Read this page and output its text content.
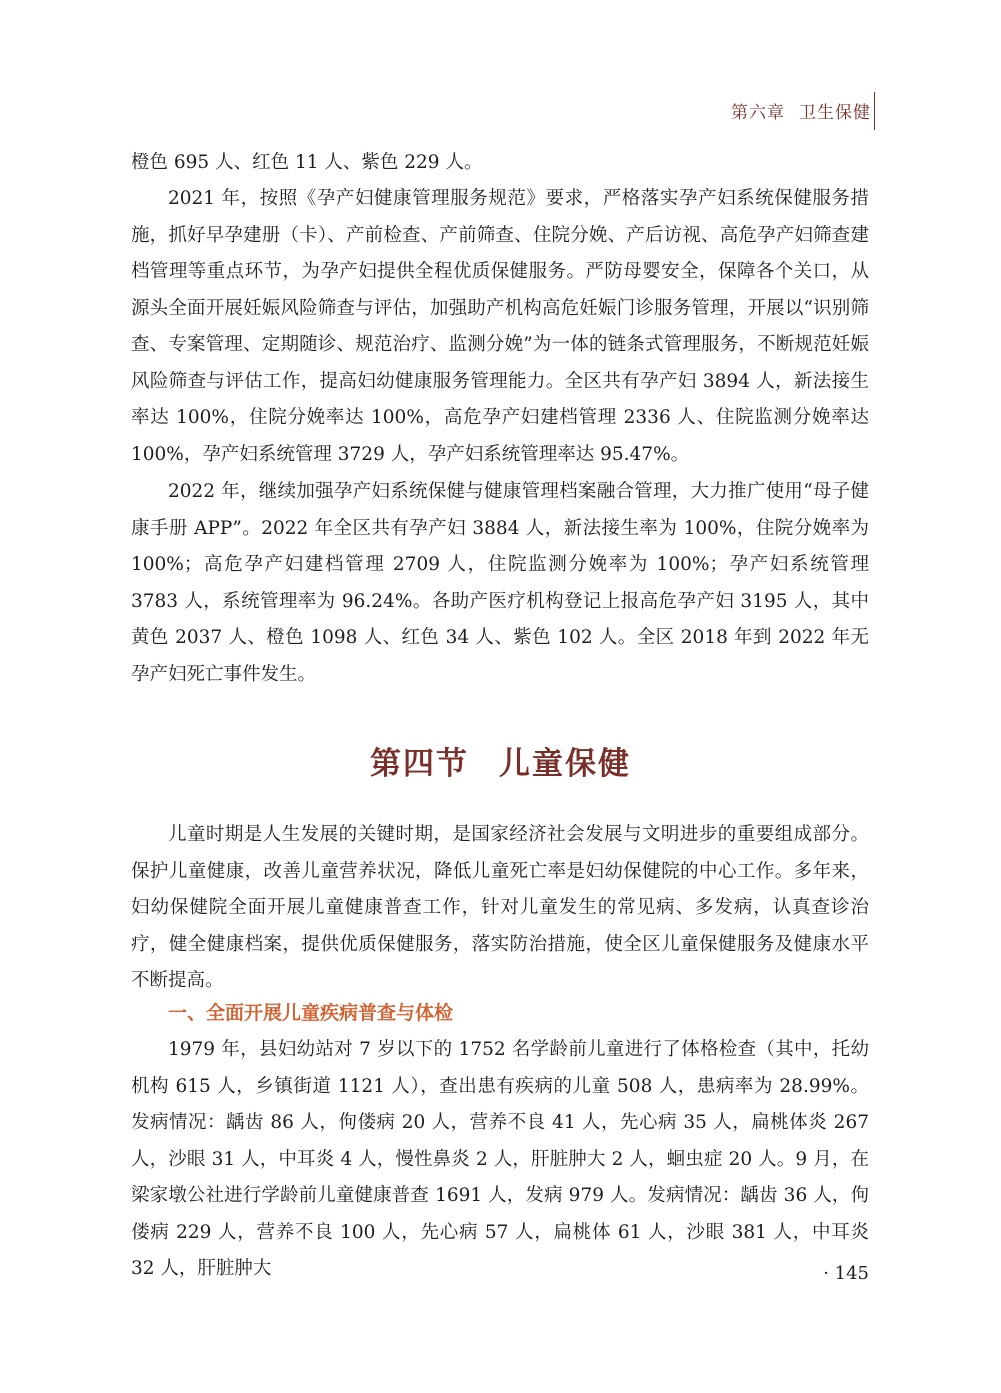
第六章 卫生保健

橙色 695 人、红色 11 人、紫色 229 人。

2021 年，按照《孕产妇健康管理服务规范》要求，严格落实孕产妇系统保健服务措施，抓好早孕建册（卡）、产前检查、产前筛查、住院分娩、产后访视、高危孕产妇筛查建档管理等重点环节，为孕产妇提供全程优质保健服务。严防母婴安全，保障各个关口，从源头全面开展妊娠风险筛查与评估，加强助产机构高危妊娠门诊服务管理，开展以“识别筛查、专案管理、定期随诊、规范治疗、监测分娩”为一体的链条式管理服务，不断规范妊娠风险筛查与评估工作，提高妇幼健康服务管理能力。全区共有孕产妇 3894 人，新法接生率达 100%，住院分娩率达 100%，高危孕产妇建档管理 2336 人、住院监测分娩率达 100%，孕产妇系统管理 3729 人，孕产妇系统管理率达 95.47%。

2022 年，继续加强孕产妇系统保健与健康管理档案融合管理，大力推广使用“母子健康手册 APP”。2022 年全区共有孕产妇 3884 人，新法接生率为 100%，住院分娩率为 100%；高危孕产妇建档管理 2709 人，住院监测分娩率为 100%；孕产妇系统管理 3783 人，系统管理率为 96.24%。各助产医疗机构登记上报高危孕产妇 3195 人，其中黄色 2037 人、橙色 1098 人、红色 34 人、紫色 102 人。全区 2018 年到 2022 年无孕产妇死亡事件发生。

第四节 儿童保健

儿童时期是人生发展的关键时期，是国家经济社会发展与文明进步的重要组成部分。保护儿童健康，改善儿童营养状况，降低儿童死亡率是妇幼保健院的中心工作。多年来，妇幼保健院全面开展儿童健康普查工作，针对儿童发生的常见病、多发病，认真查诊治疗，健全健康档案，提供优质保健服务，落实防治措施，使全区儿童保健服务及健康水平不断提高。

一、全面开展儿童疾病普查与体检

1979 年，县妇幼站对 7 岁以下的 1752 名学龄前儿童进行了体格检查（其中，托幼机构 615 人，乡镇街道 1121 人），查出患有疾病的儿童 508 人，患病率为 28.99%。发病情况：龋齿 86 人，佝偻病 20 人，营养不良 41 人，先心病 35 人，扁桃体炎 267 人，沙眼 31 人，中耳炎 4 人，慢性鼻炎 2 人，肝脏肿大 2 人，蛔虫症 20 人。9 月，在梁家墩公社进行学龄前儿童健康普查 1691 人，发病 979 人。发病情况：龋齿 36 人，佝偻病 229 人，营养不良 100 人，先心病 57 人，扁桃体 61 人，沙眼 381 人，中耳炎 32 人，肝脏肿大	· 145
